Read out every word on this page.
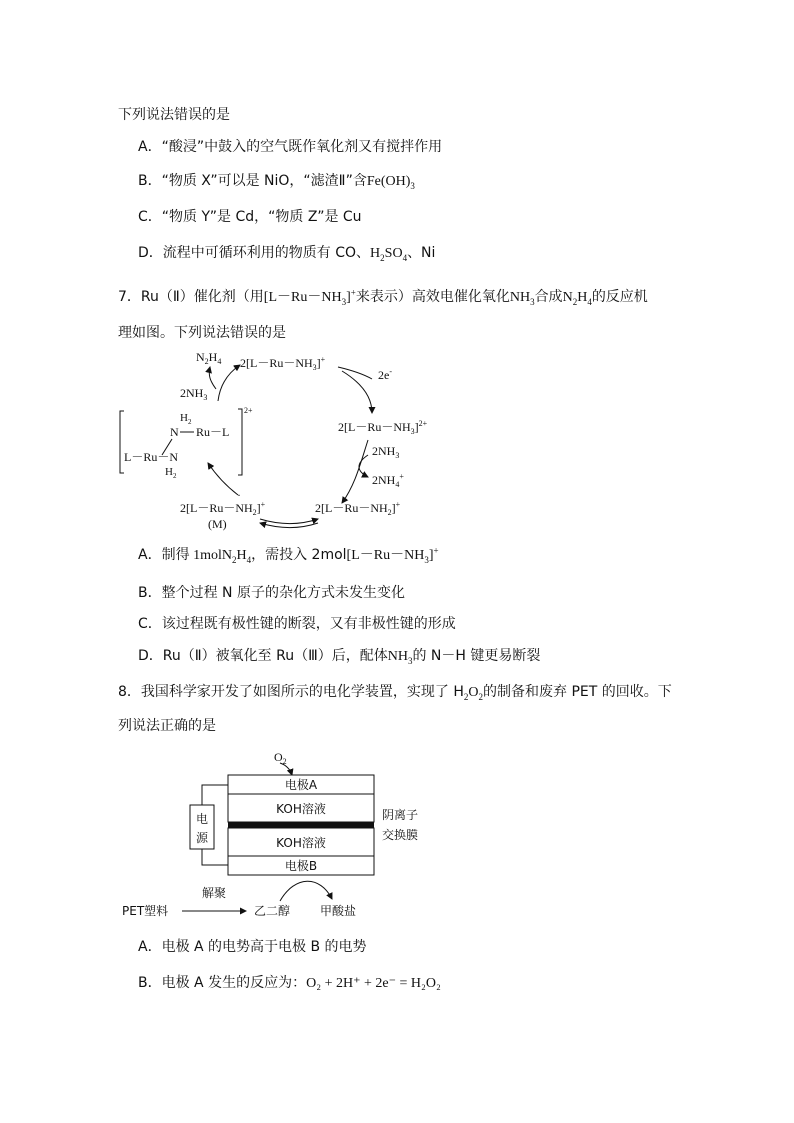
下列说法错误的是
A．“酸浸”中鼓入的空气既作氧化剂又有搅拌作用
B．“物质 X”可以是 NiO，“滤渣Ⅱ”含$Fe(OH)_3$
C．“物质 Y”是 Cd，“物质 Z”是 Cu
D．流程中可循环利用的物质有 CO、$H_2SO_4$、Ni
7．Ru（Ⅱ）催化剂（用$[L-Ru-NH_3]^+$来表示）高效电催化氧化$NH_3$合成$N_2H_4$的反应机
理如图。下列说法错误的是
$2[L-Ru-NH_3]^+$
2e-
$2[L-Ru-NH_3]^{2+}$
$2NH_3$
$2NH_4^+$
$2[L-Ru-NH_2]^+$
$2[L-Ru-NH_2]^+$
·
(M)
$N_2H_4$
$2NH_3$
2+
$H_2$
N Ru－L
L－Ru－N
$H_2$
A．制得 $1molN_2H_4$，需投入 $2mol[L-Ru-NH_3]^+$
B．整个过程 N 原子的杂化方式未发生变化
C．该过程既有极性键的断裂，又有非极性键的形成
D．Ru（Ⅱ）被氧化至 Ru（Ⅲ）后，配体$NH_3$的 N－H 键更易断裂
8．我国科学家开发了如图所示的电化学装置，实现了 $H_2O_2$的制备和废弃 PET 的回收。下
列说法正确的是
$O_2$
电极A
KOH溶液
KOH溶液
电极B
电
源
阴离子
交换膜
PET塑料
解聚
乙二醇 甲酸盐
A．电极 A 的电势高于电极 B 的电势
B．电极 A 发生的反应为：O₂ + 2H⁺ + 2e⁻ = H₂O₂
